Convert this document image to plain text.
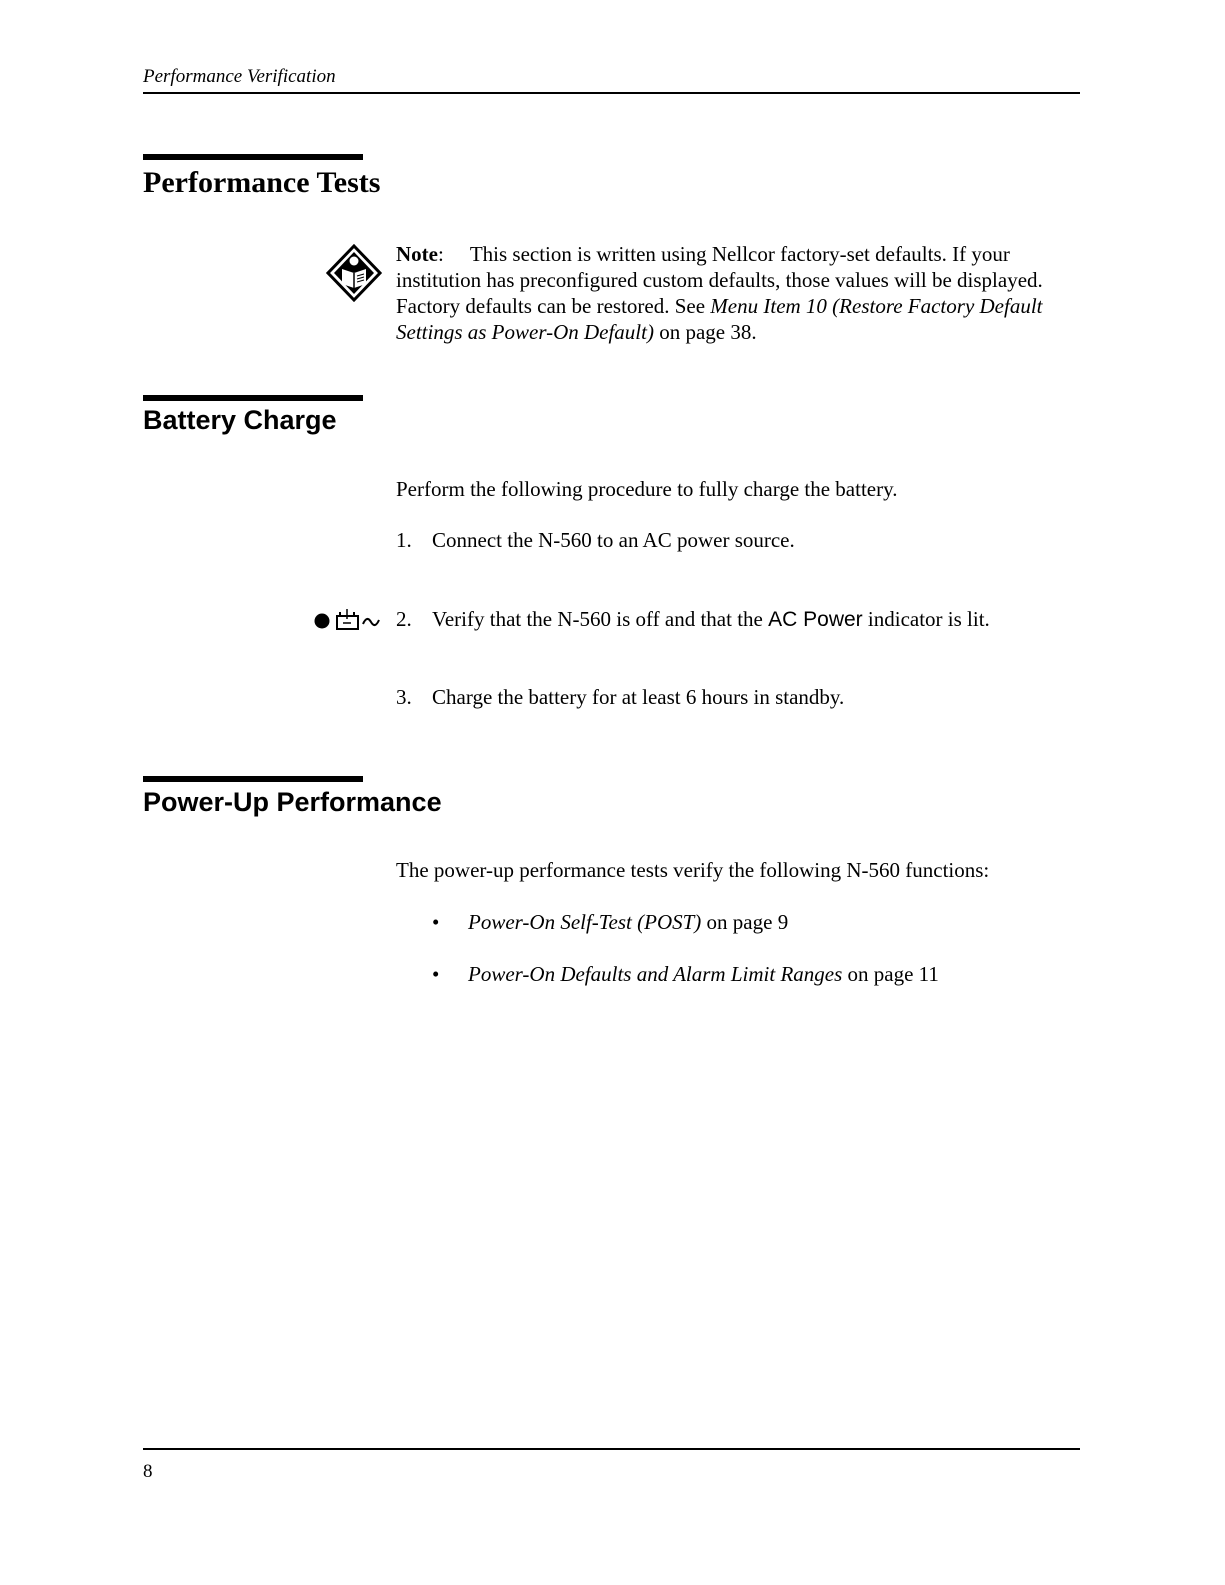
Performance Verification
Performance Tests
Note: This section is written using Nellcor factory-set defaults. If your
institution has preconfigured custom defaults, those values will be displayed.
Factory defaults can be restored. See Menu Item 10 (Restore Factory Default
Settings as Power-On Default) on page 38.
Battery Charge
Perform the following procedure to fully charge the battery.
1. Connect the N-560 to an AC power source.
2. Verify that the N-560 is off and that the AC Power indicator is lit.
3. Charge the battery for at least 6 hours in standby.
Power-Up Performance
The power-up performance tests verify the following N-560 functions:
• Power-On Self-Test (POST) on page 9
• Power-On Defaults and Alarm Limit Ranges on page 11
8
